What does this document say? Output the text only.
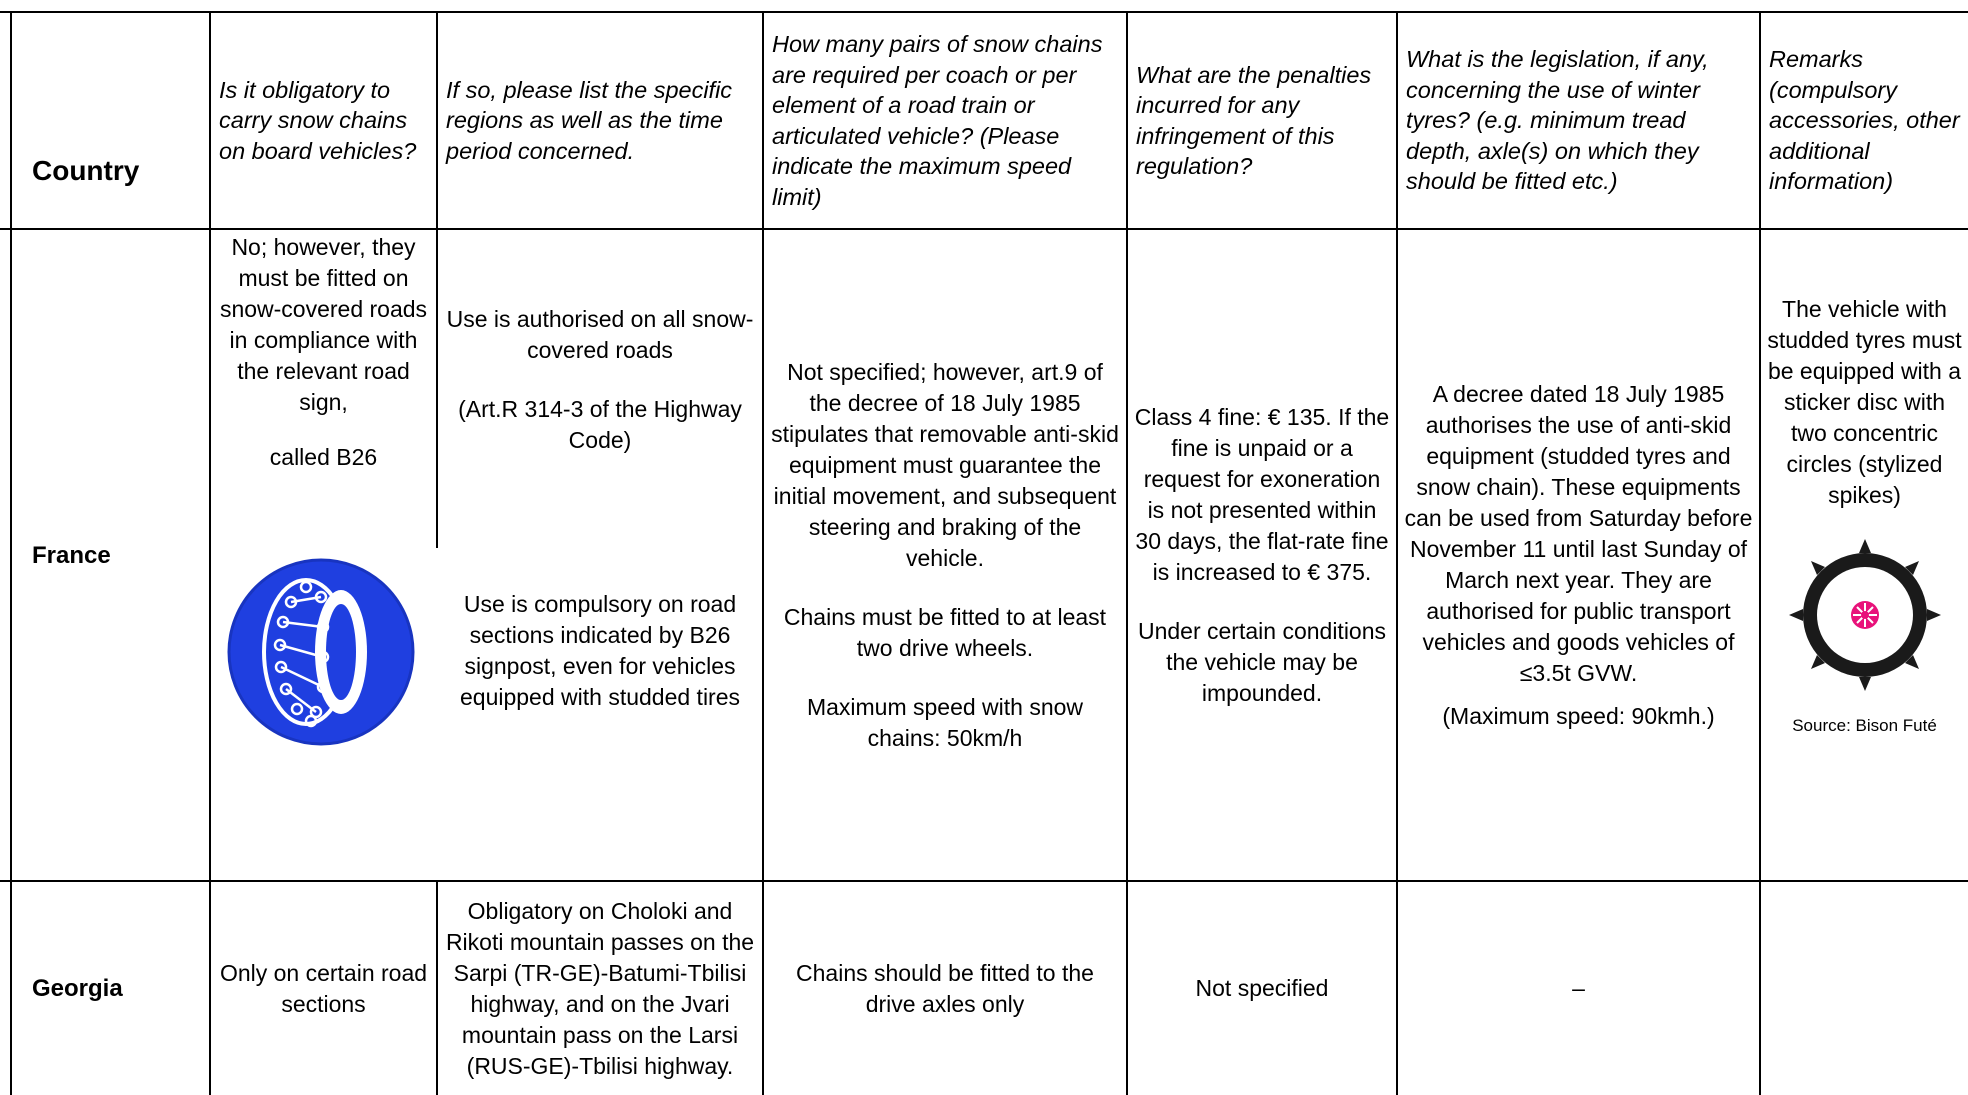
Country
Is it obligatory to carry snow chains on board vehicles?
If so, please list the specific regions as well as the time period concerned.
How many pairs of snow chains are required per coach or per element of a road train or articulated vehicle? (Please indicate the maximum speed limit)
What are the penalties incurred for any infringement of this regulation?
What is the legislation, if any, concerning the use of winter tyres? (e.g. minimum tread depth, axle(s) on which they should be fitted etc.)
Remarks (compulsory accessories, other additional information)
France
No; however, they must be fitted on snow-covered roads in compliance with the relevant road sign,
called B26
Use is authorised on all snow-covered roads
(Art.R 314-3 of the Highway Code)
Use is compulsory on road sections indicated by B26 signpost, even for vehicles equipped with studded tires
Not specified; however, art.9 of the decree of 18 July 1985 stipulates that removable anti-skid equipment must guarantee the initial movement, and subsequent steering and braking of the vehicle.
Chains must be fitted to at least two drive wheels.
Maximum speed with snow chains: 50km/h
Class 4 fine: € 135. If the fine is unpaid or a request for exoneration is not presented within 30 days, the flat-rate fine is increased to € 375.
Under certain conditions the vehicle may be impounded.
A decree dated 18 July 1985 authorises the use of anti-skid equipment (studded tyres and snow chain). These equipments can be used from Saturday before November 11 until last Sunday of March next year. They are authorised for public transport vehicles and goods vehicles of ≤3.5t GVW.
(Maximum speed: 90kmh.)
The vehicle with studded tyres must be equipped with a sticker disc with two concentric circles (stylized spikes)
Source: Bison Futé
Georgia
Only on certain road sections
Obligatory on Choloki and Rikoti mountain passes on the Sarpi (TR-GE)-Batumi-Tbilisi highway, and on the Jvari mountain pass on the Larsi (RUS-GE)-Tbilisi highway.
Chains should be fitted to the drive axles only
Not specified	–
